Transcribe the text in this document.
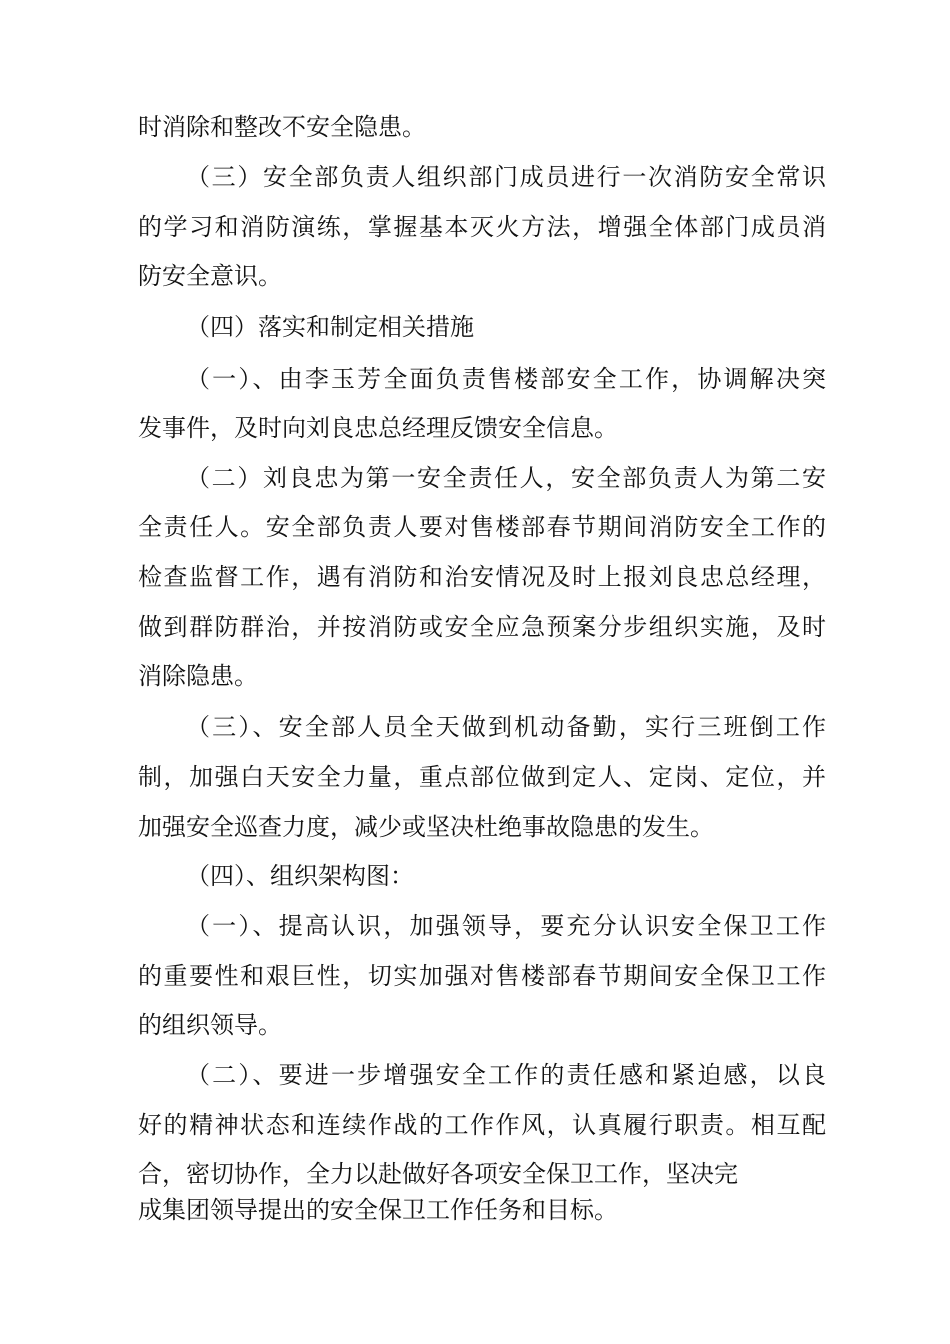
时消除和整改不安全隐患。

（三）安全部负责人组织部门成员进行一次消防安全常识

的学习和消防演练，掌握基本灭火方法，增强全体部门成员消

防安全意识。

（四）落实和制定相关措施

（一）、由李玉芳全面负责售楼部安全工作，协调解决突

发事件，及时向刘良忠总经理反馈安全信息。

（二）刘良忠为第一安全责任人，安全部负责人为第二安

全责任人。安全部负责人要对售楼部春节期间消防安全工作的

检查监督工作，遇有消防和治安情况及时上报刘良忠总经理，

做到群防群治，并按消防或安全应急预案分步组织实施，及时

消除隐患。

（三）、安全部人员全天做到机动备勤，实行三班倒工作

制，加强白天安全力量，重点部位做到定人、定岗、定位，并

加强安全巡查力度，减少或坚决杜绝事故隐患的发生。

（四）、组织架构图：

（一）、提高认识，加强领导，要充分认识安全保卫工作

的重要性和艰巨性，切实加强对售楼部春节期间安全保卫工作

的组织领导。

（二）、要进一步增强安全工作的责任感和紧迫感，以良

好的精神状态和连续作战的工作作风，认真履行职责。相互配

合，密切协作，全力以赴做好各项安全保卫工作，坚决完

成集团领导提出的安全保卫工作任务和目标。
